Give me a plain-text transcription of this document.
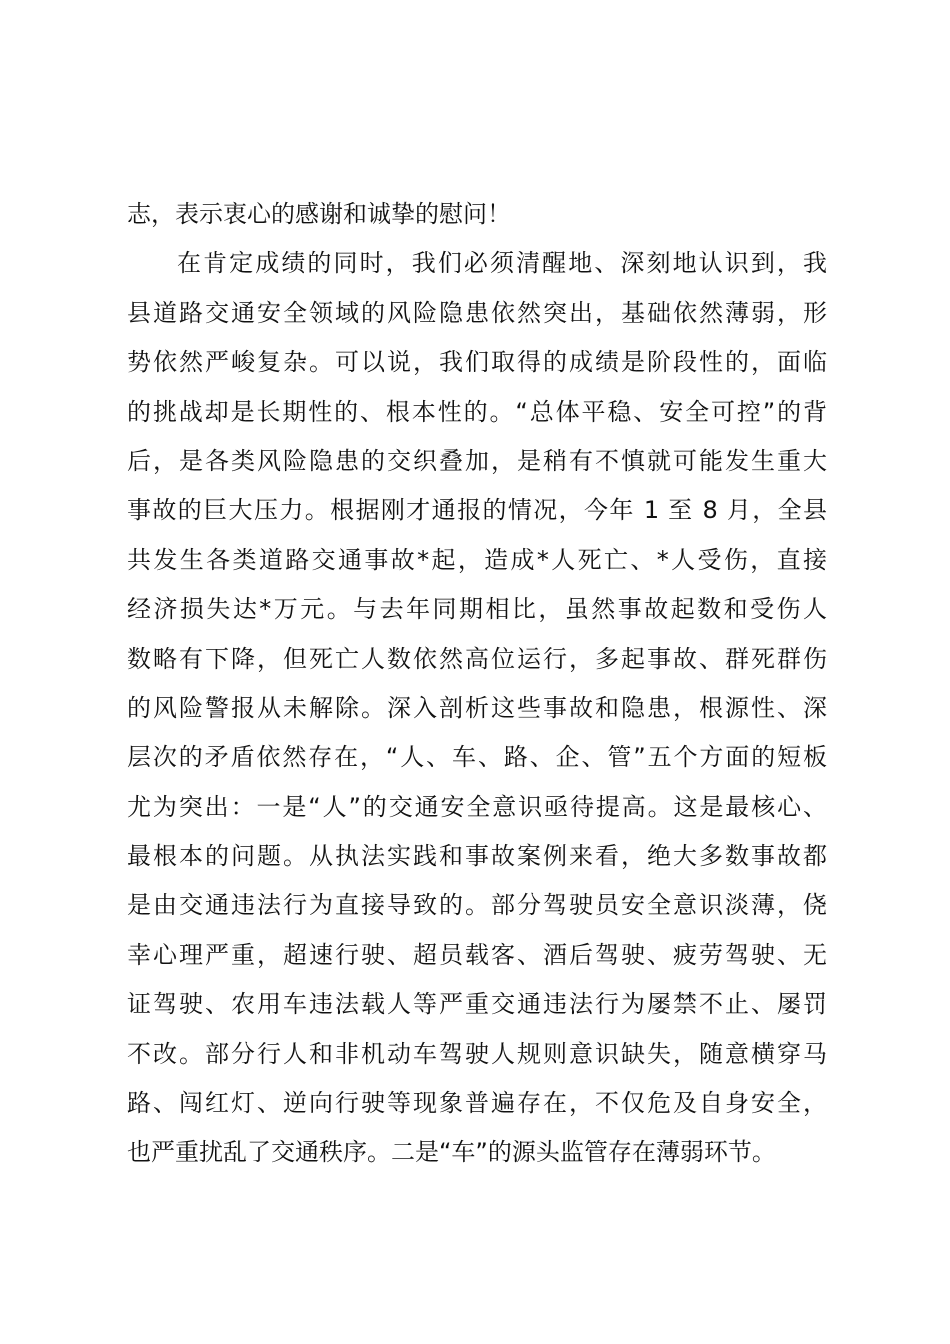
志，表示衷心的感谢和诚挚的慰问！
在肯定成绩的同时，我们必须清醒地、深刻地认识到，我
县道路交通安全领域的风险隐患依然突出，基础依然薄弱，形
势依然严峻复杂。可以说，我们取得的成绩是阶段性的，面临
的挑战却是长期性的、根本性的。“总体平稳、安全可控”的背
后，是各类风险隐患的交织叠加，是稍有不慎就可能发生重大
事故的巨大压力。根据刚才通报的情况，今年 1 至 8 月，全县
共发生各类道路交通事故*起，造成*人死亡、*人受伤，直接
经济损失达*万元。与去年同期相比，虽然事故起数和受伤人
数略有下降，但死亡人数依然高位运行，多起事故、群死群伤
的风险警报从未解除。深入剖析这些事故和隐患，根源性、深
层次的矛盾依然存在，“人、车、路、企、管”五个方面的短板
尤为突出：一是“人”的交通安全意识亟待提高。这是最核心、
最根本的问题。从执法实践和事故案例来看，绝大多数事故都
是由交通违法行为直接导致的。部分驾驶员安全意识淡薄，侥
幸心理严重，超速行驶、超员载客、酒后驾驶、疲劳驾驶、无
证驾驶、农用车违法载人等严重交通违法行为屡禁不止、屡罚
不改。部分行人和非机动车驾驶人规则意识缺失，随意横穿马
路、闯红灯、逆向行驶等现象普遍存在，不仅危及自身安全，
也严重扰乱了交通秩序。二是“车”的源头监管存在薄弱环节。
